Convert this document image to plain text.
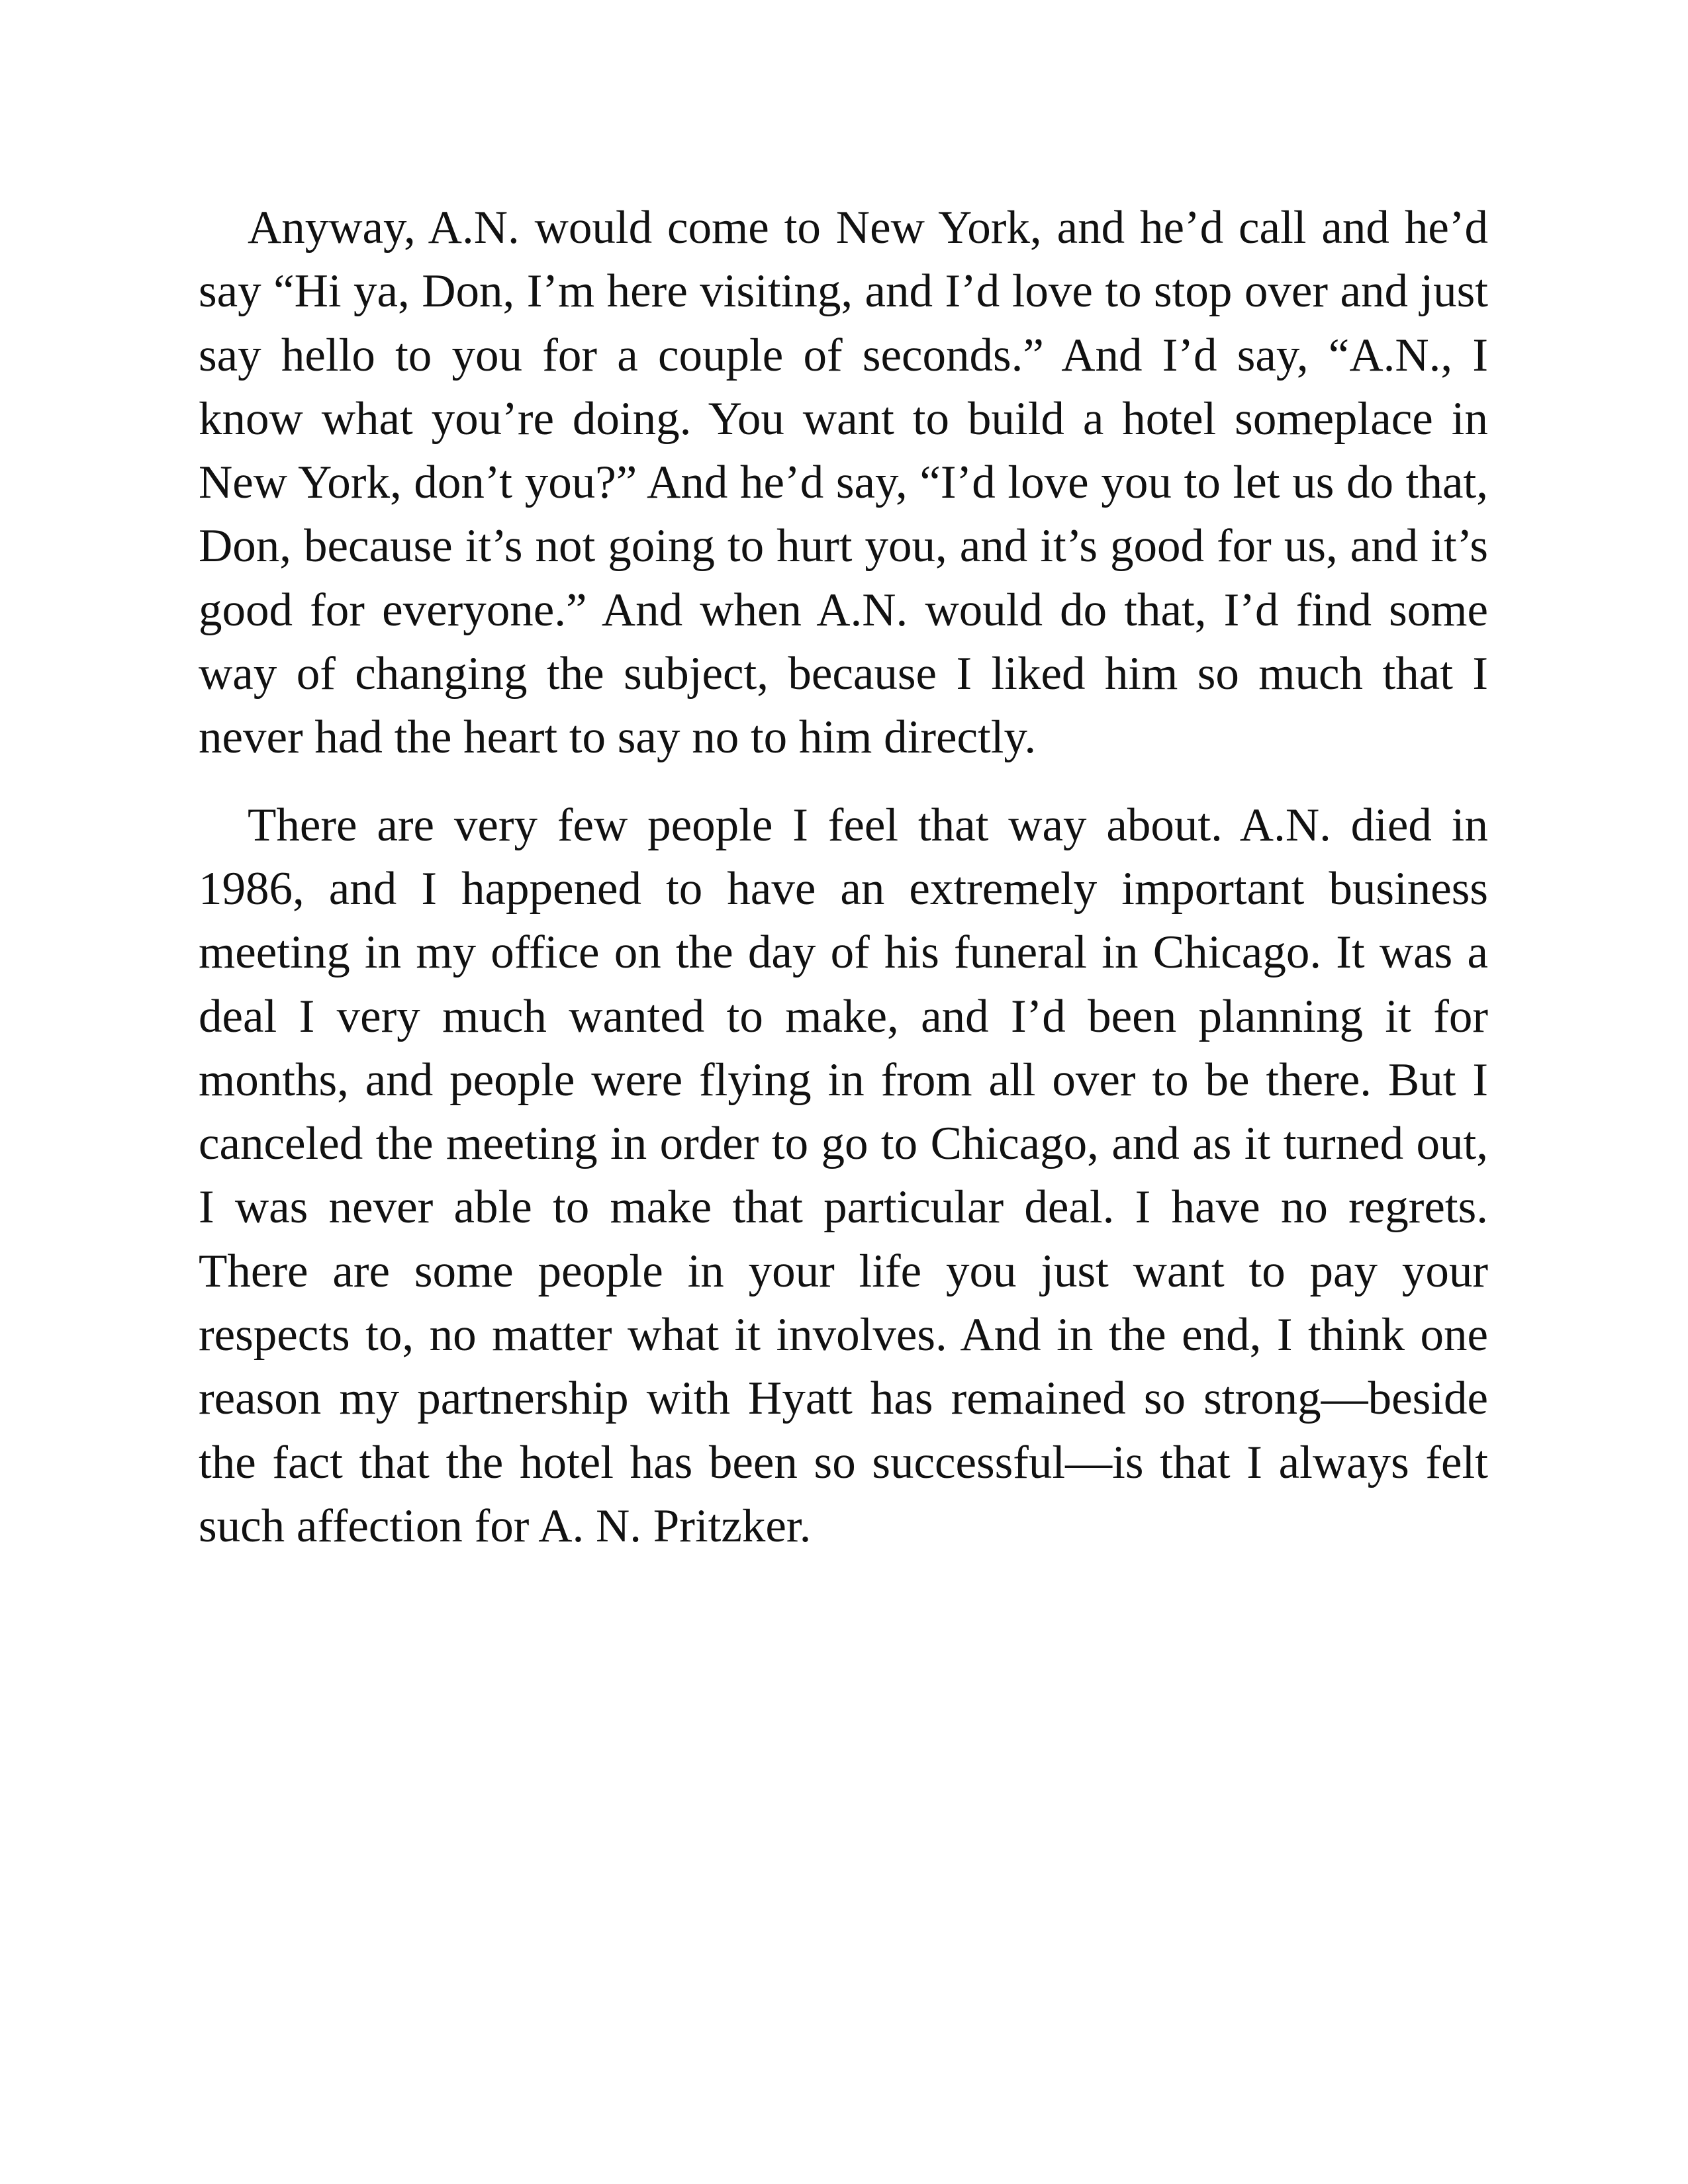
Anyway, A.N. would come to New York, and he’d call and he’d say “Hi ya, Don, I’m here visiting, and I’d love to stop over and just say hello to you for a couple of seconds.” And I’d say, “A.N., I know what you’re doing. You want to build a hotel someplace in New York, don’t you?” And he’d say, “I’d love you to let us do that, Don, because it’s not going to hurt you, and it’s good for us, and it’s good for everyone.” And when A.N. would do that, I’d find some way of changing the subject, because I liked him so much that I never had the heart to say no to him directly.

There are very few people I feel that way about. A.N. died in 1986, and I happened to have an extremely important business meeting in my office on the day of his funeral in Chicago. It was a deal I very much wanted to make, and I’d been planning it for months, and people were flying in from all over to be there. But I canceled the meeting in order to go to Chicago, and as it turned out, I was never able to make that particular deal. I have no regrets. There are some people in your life you just want to pay your respects to, no matter what it involves. And in the end, I think one reason my partnership with Hyatt has remained so strong—beside the fact that the hotel has been so successful—is that I always felt such affection for A. N. Pritzker.
